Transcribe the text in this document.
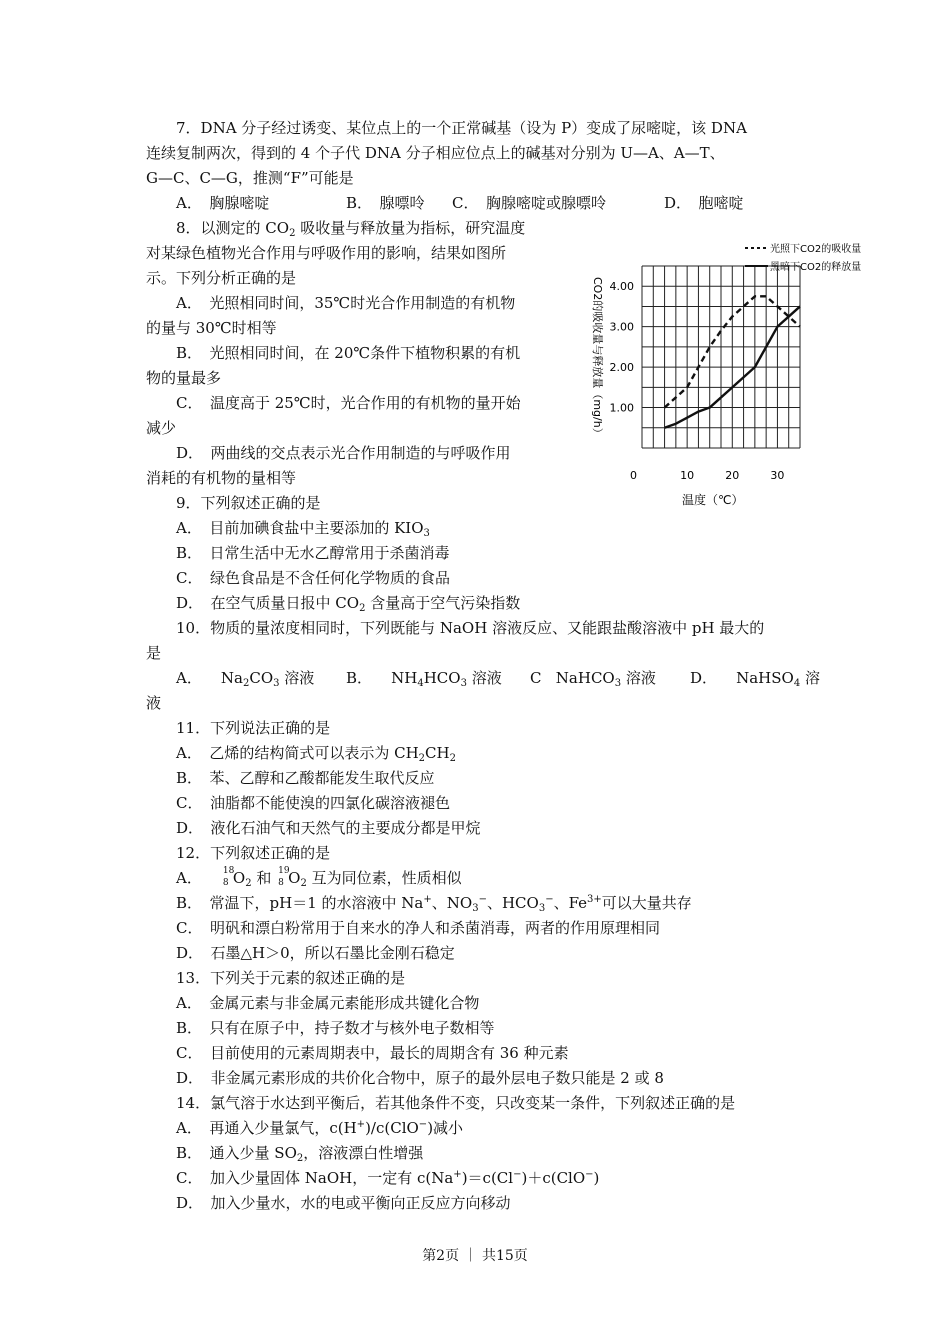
7．DNA 分子经过诱变、某位点上的一个正常碱基（设为 P）变成了尿嘧啶，该 DNA
连续复制两次，得到的 4 个子代 DNA 分子相应位点上的碱基对分别为 U—A、A—T、
G—C、C—G，推测“F”可能是
A．　胸腺嘧啶	B．　腺嘌呤 C．　胸腺嘧啶或腺嘌呤	D．　胞嘧啶
8．以测定的 $CO_2$ 吸收量与释放量为指标，研究温度
对某绿色植物光合作用与呼吸作用的影响，结果如图所
示。下列分析正确的是
A．　光照相同时间，35℃时光合作用制造的有机物
的量与 30℃时相等
B．　光照相同时间，在 20℃条件下植物积累的有机
物的量最多
C．　温度高于 25℃时，光合作用的有机物的量开始
减少
D．　两曲线的交点表示光合作用制造的与呼吸作用
消耗的有机物的量相等	10	20	30
1.00
2.00
3.00
4.00
光照下CO2的吸收量
黑暗下CO2的释放量
CO2的吸收量与释放量（mg/h）
温度（℃）
0
9．下列叙述正确的是
A．　目前加碘食盐中主要添加的 $KIO_3$
B．　日常生活中无水乙醇常用于杀菌消毒
C．　绿色食品是不含任何化学物质的食品
D．　在空气质量日报中 $CO_2$ 含量高于空气污染指数
10．物质的量浓度相同时，下列既能与 NaOH 溶液反应、又能跟盐酸溶液中 pH 最大的
是
A． $Na_2CO_3$ 溶液 B． $NH_4HCO_3$ 溶液 C NaHCO$_3$ 溶液 D． NaHSO$_4$ 溶
液
11．下列说法正确的是
A．　乙烯的结构简式可以表示为 $CH_2CH_2$
B．　苯、乙醇和乙酸都能发生取代反应
C．　油脂都不能使溴的四氯化碳溶液褪色
D．　液化石油气和天然气的主要成分都是甲烷
12．下列叙述正确的是
A． 18
8 $O_2$ 和 19
8 $O_2$ 互为同位素，性质相似
B．　常温下，pH＝1 的水溶液中 Na+、$NO_3^-$、$HCO_3^-$、$Fe^{3+}$可以大量共存
C．　明矾和漂白粉常用于自来水的净人和杀菌消毒，两者的作用原理相同
D．　石墨△H＞0，所以石墨比金刚石稳定
13．下列关于元素的叙述正确的是
A．　金属元素与非金属元素能形成共键化合物
B．　只有在原子中，持子数才与核外电子数相等
C．　目前使用的元素周期表中，最长的周期含有 36 种元素
D．　非金属元素形成的共价化合物中，原子的最外层电子数只能是 2 或 8
14．氯气溶于水达到平衡后，若其他条件不变，只改变某一条件，下列叙述正确的是
A．　再通入少量氯气，c(H+)/c(ClO−)减小
B．　通入少量 $SO_2$，溶液漂白性增强
C．　加入少量固体 NaOH，一定有 c(Na+)＝c(Cl−)＋c(ClO−)
D．　加入少量水，水的电或平衡向正反应方向移动
第2页 ｜ 共15页
